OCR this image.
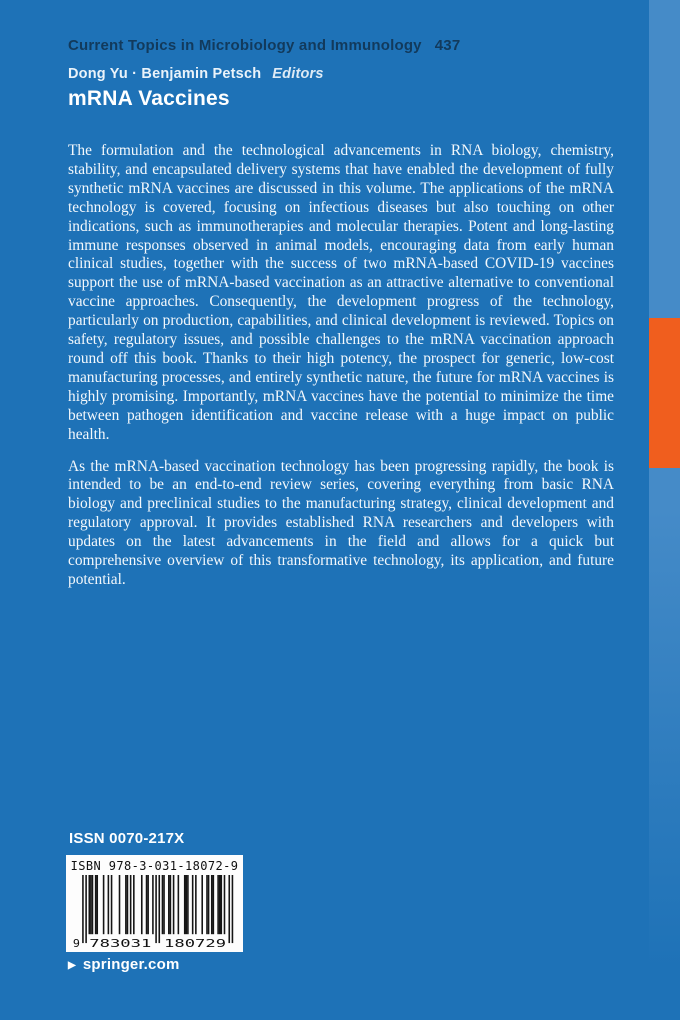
Current Topics in Microbiology and Immunology 437
Dong Yu · Benjamin Petsch Editors
mRNA Vaccines
The formulation and the technological advancements in RNA biology, chemistry, stability, and encapsulated delivery systems that have enabled the development of fully synthetic mRNA vaccines are discussed in this volume. The applications of the mRNA technology is covered, focusing on infectious diseases but also touching on other indications, such as immunotherapies and molecular therapies. Potent and long-lasting immune responses observed in animal models, encouraging data from early human clinical studies, together with the success of two mRNA-based COVID-19 vaccines support the use of mRNA-based vaccination as an attractive alternative to conventional vaccine approaches. Consequently, the development progress of the technology, particularly on production, capabilities, and clinical development is reviewed. Topics on safety, regulatory issues, and possible challenges to the mRNA vaccination approach round off this book. Thanks to their high potency, the prospect for generic, low-cost manufacturing processes, and entirely synthetic nature, the future for mRNA vaccines is highly promising. Importantly, mRNA vaccines have the potential to minimize the time between pathogen identification and vaccine release with a huge impact on public health.
As the mRNA-based vaccination technology has been progressing rapidly, the book is intended to be an end-to-end review series, covering everything from basic RNA biology and preclinical studies to the manufacturing strategy, clinical development and regulatory approval. It provides established RNA researchers and developers with updates on the latest advancements in the field and allows for a quick but comprehensive overview of this transformative technology, its application, and future potential.
ISSN 0070-217X
ISBN 978-3-031-18072-9
9 783031 180729
▶ springer.com
